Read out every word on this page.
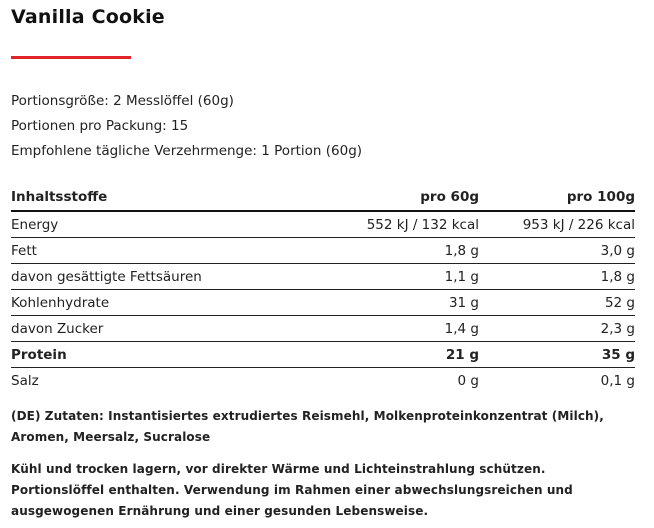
Vanilla Cookie
Portionsgröße: 2 Messlöffel (60g)
Portionen pro Packung: 15
Empfohlene tägliche Verzehrmenge: 1 Portion (60g)
Inhaltsstoffe	pro 60g	pro 100g
Energy	552 kJ / 132 kcal	953 kJ / 226 kcal
Fett	1,8 g	3,0 g
davon gesättigte Fettsäuren	1,1 g	1,8 g
Kohlenhydrate	31 g	52 g
davon Zucker	1,4 g	2,3 g
Protein	21 g	35 g
Salz	0 g	0,1 g
(DE) Zutaten: Instantisiertes extrudiertes Reismehl, Molkenproteinkonzentrat (Milch), Aromen, Meersalz, Sucralose
Kühl und trocken lagern, vor direkter Wärme und Lichteinstrahlung schützen. Portionslöffel enthalten. Verwendung im Rahmen einer abwechslungsreichen und ausgewogenen Ernährung und einer gesunden Lebensweise.
